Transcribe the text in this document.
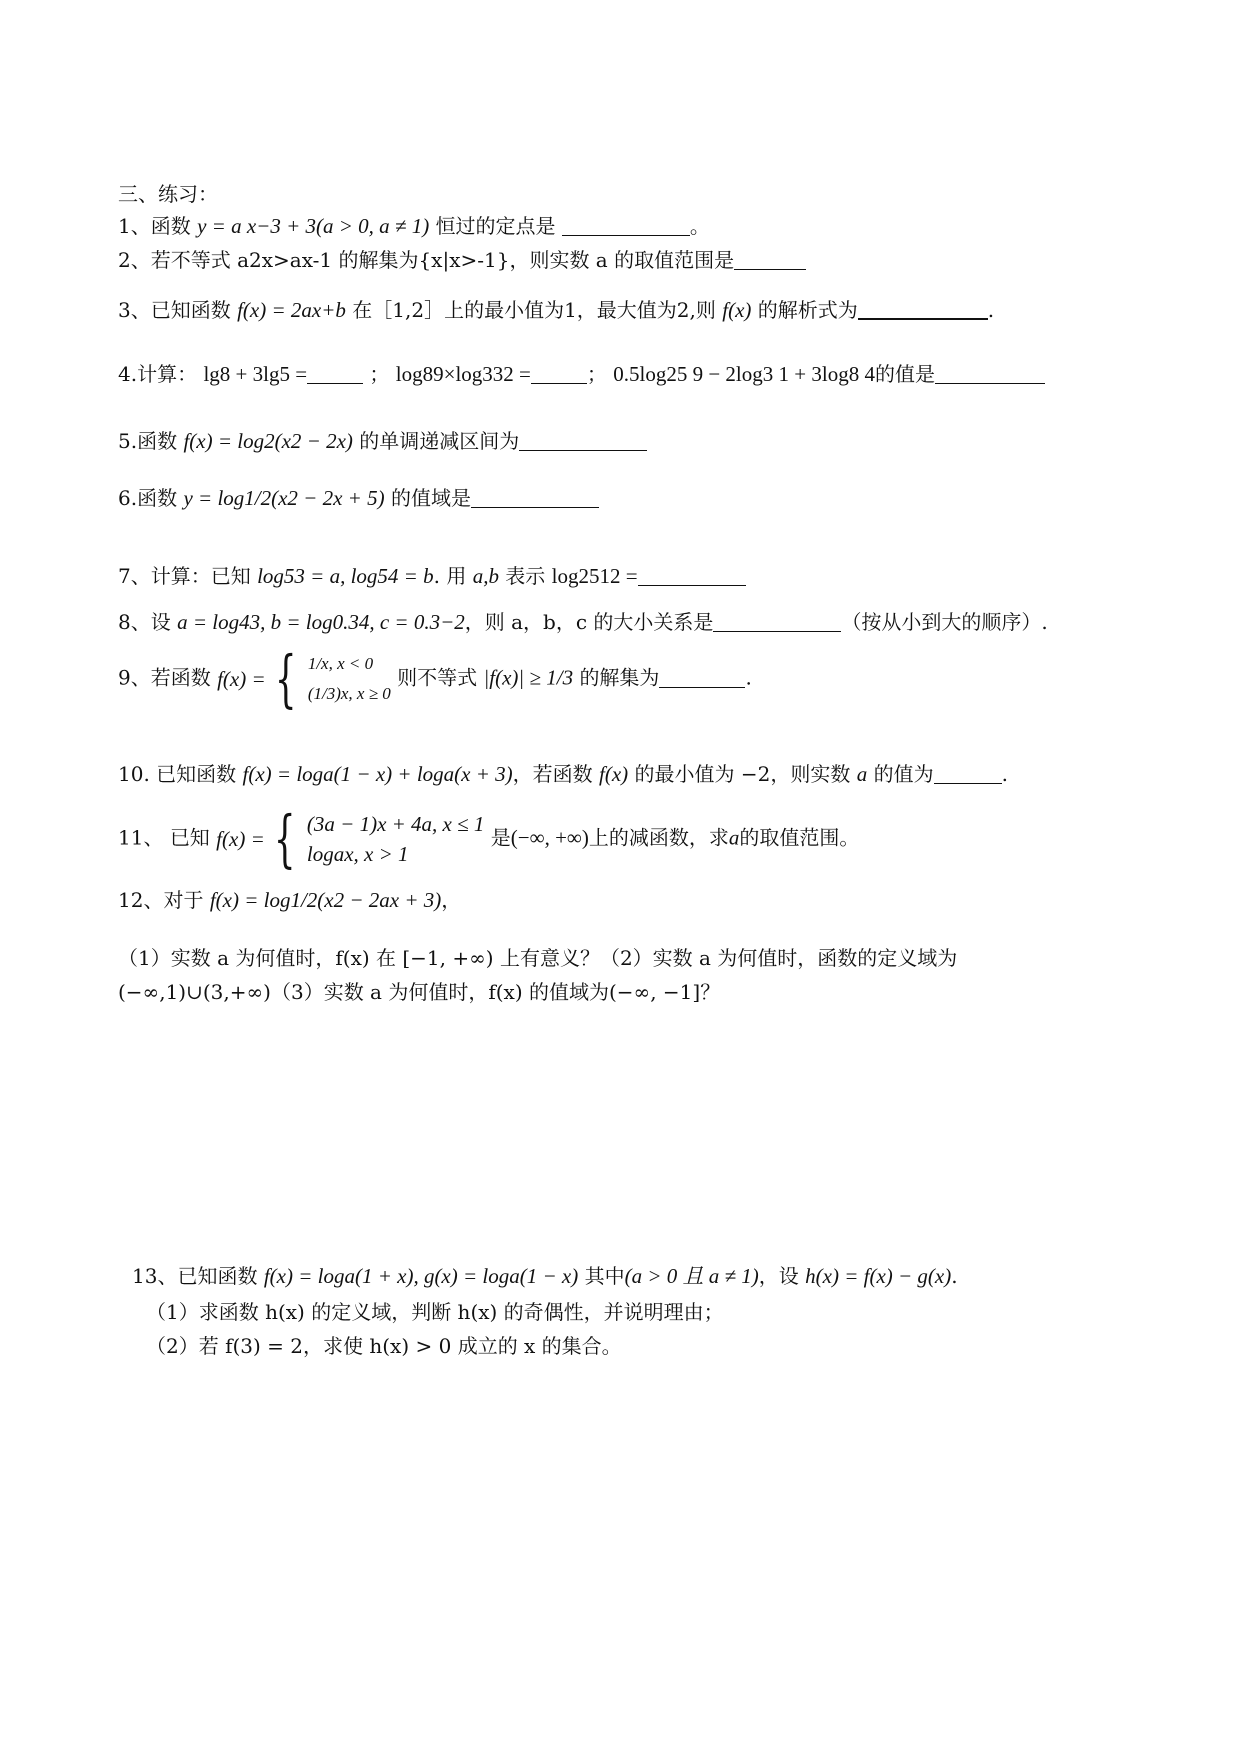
三、练习：
1、函数 y = a x−3 + 3(a > 0, a ≠ 1) 恒过的定点是	。
2、若不等式 a2x>ax-1 的解集为{x|x>-1}，则实数 a 的取值范围是
3、已知函数 f(x) = 2ax+b 在［1,2］上的最小值为1，最大值为2,则 f(x) 的解析式为	.
4.计算： lg8 + 3lg5 =	； log89×log332 =	； 0.5log25 9 − 2log3 1 + 3log8 4的值是
5.函数 f(x) = log2(x2 − 2x) 的单调递减区间为
6.函数 y = log1/2(x2 − 2x + 5) 的值域是
7、计算：已知 log53 = a, log54 = b. 用 a,b 表示 log2512 =
8、设 a = log43, b = log0.34, c = 0.3−2，则 a，b，c 的大小关系是	（按从小到大的顺序）.
9、若函数 f(x) = { 1/x, x < 0
(1/3)x, x ≥ 0
则不等式 |f(x)| ≥ 1/3 的解集为	.
10. 已知函数 f(x) = loga(1 − x) + loga(x + 3)，若函数 f(x) 的最小值为 −2，则实数 a 的值为	.
11、 已知 f(x) = { (3a − 1)x + 4a, x ≤ 1
logax, x > 1
是(−∞, +∞)上的减函数，求a的取值范围。
12、对于 f(x) = log1/2(x2 − 2ax + 3)，
（1）实数 a 为何值时，f(x) 在 [−1, +∞) 上有意义？（2）实数 a 为何值时，函数的定义域为
(−∞,1)∪(3,+∞)（3）实数 a 为何值时，f(x) 的值域为(−∞, −1]？
13、已知函数 f(x) = loga(1 + x), g(x) = loga(1 − x) 其中(a > 0 且 a ≠ 1)，设 h(x) = f(x) − g(x).
（1）求函数 h(x) 的定义域，判断 h(x) 的奇偶性，并说明理由；
（2）若 f(3) = 2，求使 h(x) > 0 成立的 x 的集合。
